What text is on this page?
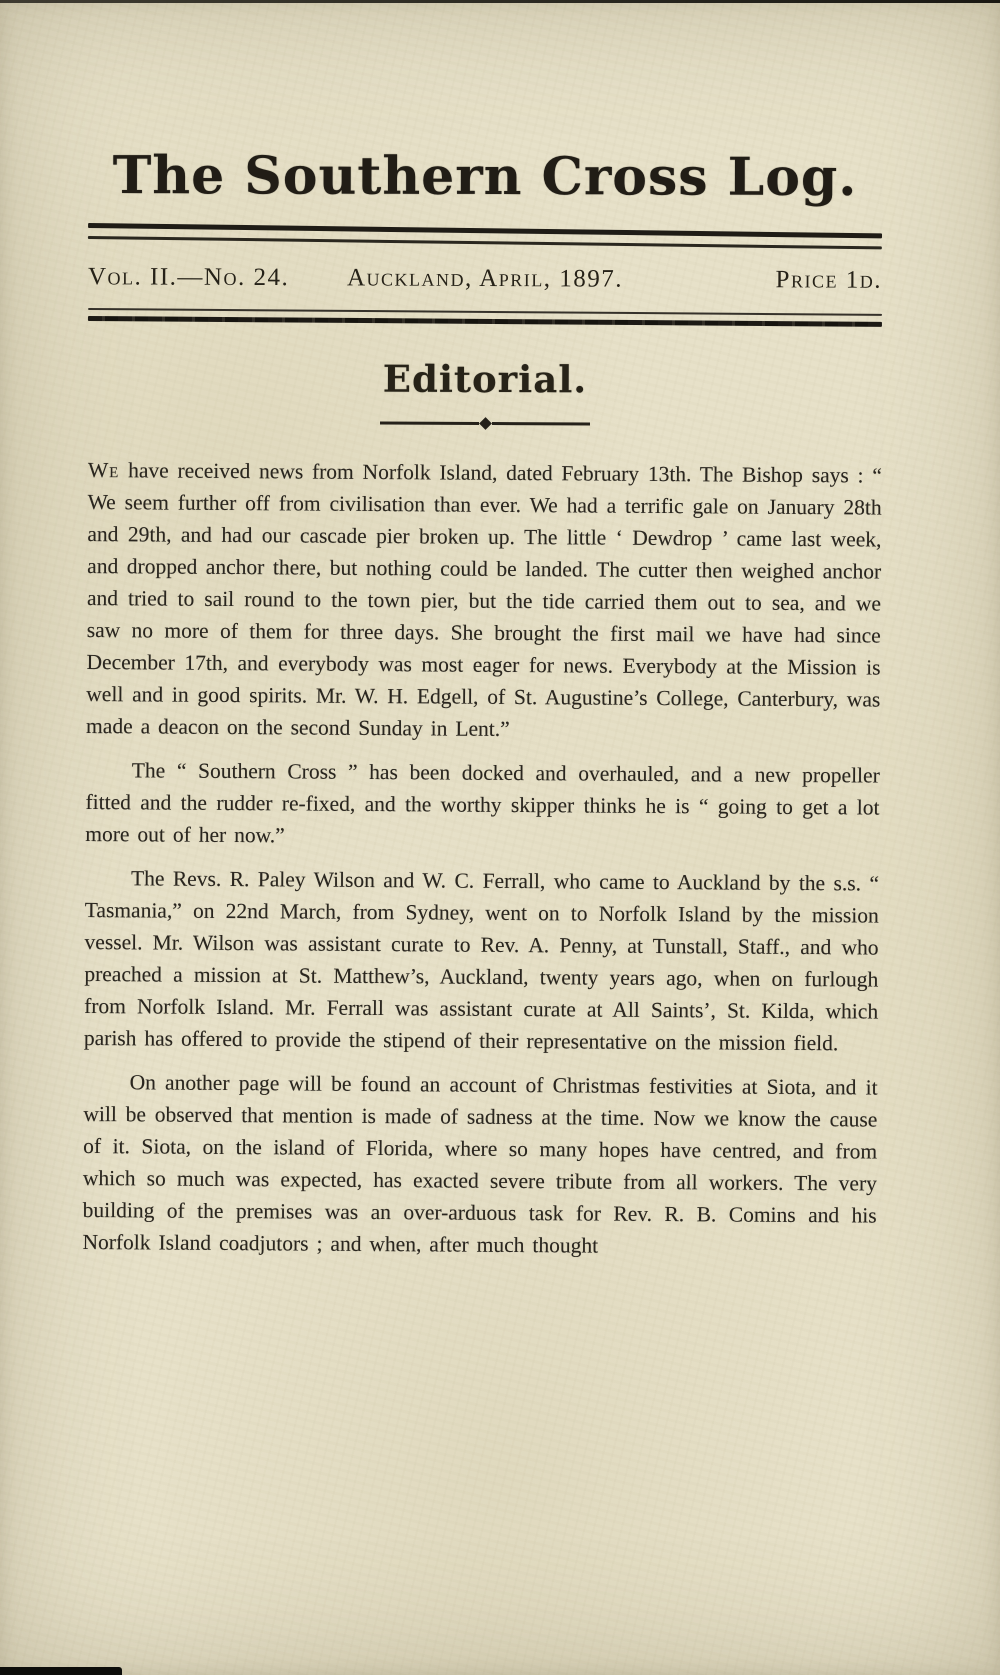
The Southern Cross Log.
Vol. II.—No. 24. Auckland, April, 1897.	Price 1d.
Editorial.

We have received news from Norfolk Island, dated February 13th. The Bishop says : “ We seem further off from civilisation than ever. We had a terrific gale on January 28th and 29th, and had our cascade pier broken up. The little ‘ Dewdrop ’ came last week, and dropped anchor there, but nothing could be landed. The cutter then weighed anchor and tried to sail round to the town pier, but the tide carried them out to sea, and we saw no more of them for three days. She brought the first mail we have had since December 17th, and everybody was most eager for news. Everybody at the Mission is well and in good spirits. Mr. W. H. Edgell, of St. Augustine’s College, Canterbury, was made a deacon on the second Sunday in Lent.”

The “ Southern Cross ” has been docked and overhauled, and a new propeller fitted and the rudder re-fixed, and the worthy skipper thinks he is “ going to get a lot more out of her now.”

The Revs. R. Paley Wilson and W. C. Ferrall, who came to Auckland by the s.s. “ Tasmania,” on 22nd March, from Sydney, went on to Norfolk Island by the mission vessel. Mr. Wilson was assistant curate to Rev. A. Penny, at Tunstall, Staff., and who preached a mission at St. Matthew’s, Auckland, twenty years ago, when on furlough from Norfolk Island. Mr. Ferrall was assistant curate at All Saints’, St. Kilda, which parish has offered to provide the stipend of their representative on the mission field.

On another page will be found an account of Christmas festivities at Siota, and it will be observed that mention is made of sadness at the time. Now we know the cause of it. Siota, on the island of Florida, where so many hopes have centred, and from which so much was expected, has exacted severe tribute from all workers. The very building of the premises was an over-arduous task for Rev. R. B. Comins and his Norfolk Island coadjutors ; and when, after much thought
